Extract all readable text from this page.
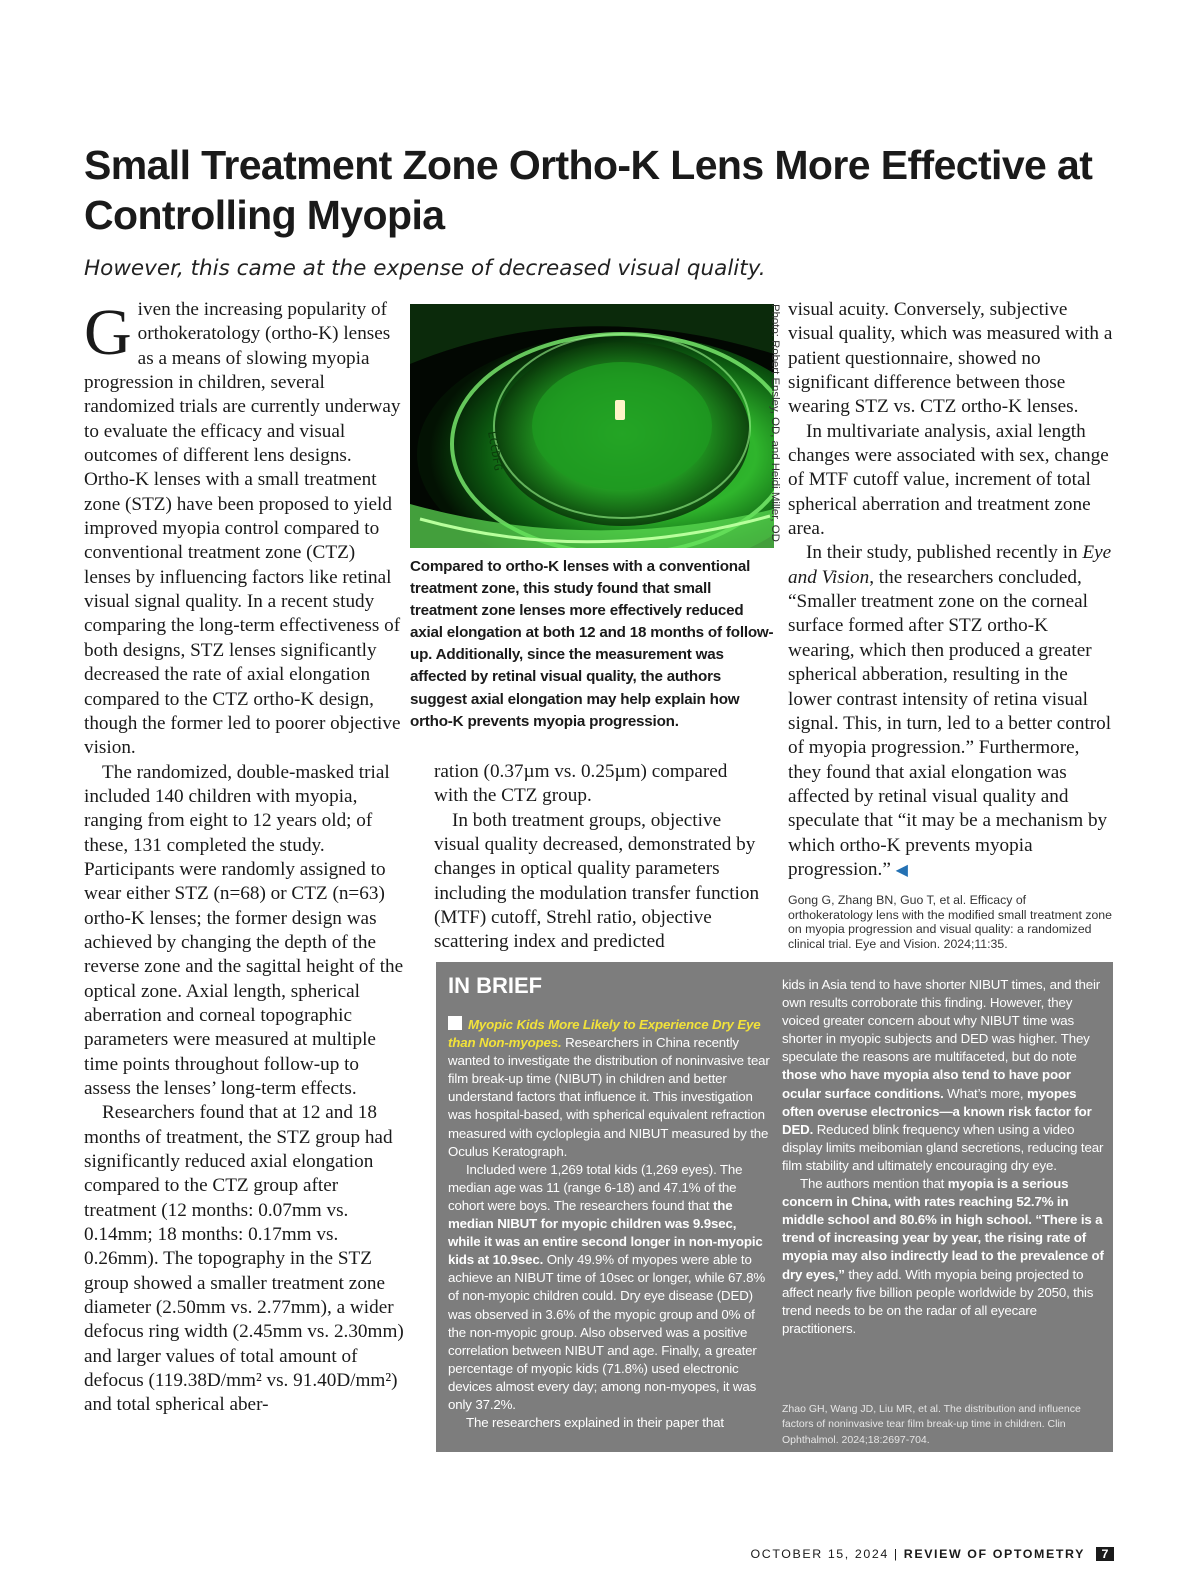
Small Treatment Zone Ortho-K Lens More Effective at Controlling Myopia

However, this came at the expense of decreased visual quality.

Given the increasing popularity of orthokeratology (ortho-K) lenses as a means of slowing myopia progression in children, several randomized trials are currently underway to evaluate the efficacy and visual outcomes of different lens designs. Ortho-K lenses with a small treatment zone (STZ) have been proposed to yield improved myopia control compared to conventional treatment zone (CTZ) lenses by influencing factors like retinal visual signal quality. In a recent study comparing the long-term effectiveness of both designs, STZ lenses significantly decreased the rate of axial elongation compared to the CTZ ortho-K design, though the former led to poorer objective vision.

The randomized, double-masked trial included 140 children with myopia, ranging from eight to 12 years old; of these, 131 completed the study. Participants were randomly assigned to wear either STZ (n=68) or CTZ (n=63) ortho-K lenses; the former design was achieved by changing the depth of the reverse zone and the sagittal height of the optical zone. Axial length, spherical aberration and corneal topographic parameters were measured at multiple time points throughout follow-up to assess the lenses’ long-term effects.

Researchers found that at 12 and 18 months of treatment, the STZ group had significantly reduced axial elongation compared to the CTZ group after treatment (12 months: 0.07mm vs. 0.14mm; 18 months: 0.17mm vs. 0.26mm). The topography in the STZ group showed a smaller treatment zone diameter (2.50mm vs. 2.77mm), a wider defocus ring width (2.45mm vs. 2.30mm) and larger values of total amount of defocus (119.38D/mm² vs. 91.40D/mm²) and total spherical aber-

ECCDFG	Photo: Robert Ensley, OD, and Heidi Miller, OD

Compared to ortho-K lenses with a conventional treatment zone, this study found that small treatment zone lenses more effectively reduced axial elongation at both 12 and 18 months of follow-up. Additionally, since the measurement was affected by retinal visual quality, the authors suggest axial elongation may help explain how ortho-K prevents myopia progression.

ration (0.37µm vs. 0.25µm) compared with the CTZ group.

In both treatment groups, objective visual quality decreased, demonstrated by changes in optical quality parameters including the modulation transfer function (MTF) cutoff, Strehl ratio, objective scattering index and predicted

visual acuity. Conversely, subjective visual quality, which was measured with a patient questionnaire, showed no significant difference between those wearing STZ vs. CTZ ortho-K lenses.

In multivariate analysis, axial length changes were associated with sex, change of MTF cutoff value, increment of total spherical aberration and treatment zone area.

In their study, published recently in Eye and Vision, the researchers concluded, “Smaller treatment zone on the corneal surface formed after STZ ortho-K wearing, which then produced a greater spherical abberation, resulting in the lower contrast intensity of retina visual signal. This, in turn, led to a better control of myopia progression.” Furthermore, they found that axial elongation was affected by retinal visual quality and speculate that “it may be a mechanism by which ortho-K prevents myopia progression.” ◀

Gong G, Zhang BN, Guo T, et al. Efficacy of orthokeratology lens with the modified small treatment zone on myopia progression and visual quality: a randomized clinical trial. Eye and Vision. 2024;11:35.
IN BRIEF

Myopic Kids More Likely to Experience Dry Eye than Non-myopes. Researchers in China recently wanted to investigate the distribution of noninvasive tear film break-up time (NIBUT) in children and better understand factors that influence it. This investigation was hospital-based, with spherical equivalent refraction measured with cycloplegia and NIBUT measured by the Oculus Keratograph.

Included were 1,269 total kids (1,269 eyes). The median age was 11 (range 6-18) and 47.1% of the cohort were boys. The researchers found that the median NIBUT for myopic children was 9.9sec, while it was an entire second longer in non-myopic kids at 10.9sec. Only 49.9% of myopes were able to achieve an NIBUT time of 10sec or longer, while 67.8% of non-myopic children could. Dry eye disease (DED) was observed in 3.6% of the myopic group and 0% of the non-myopic group. Also observed was a positive correlation between NIBUT and age. Finally, a greater percentage of myopic kids (71.8%) used electronic devices almost every day; among non-myopes, it was only 37.2%.

The researchers explained in their paper that

kids in Asia tend to have shorter NIBUT times, and their own results corroborate this finding. However, they voiced greater concern about why NIBUT time was shorter in myopic subjects and DED was higher. They speculate the reasons are multifaceted, but do note those who have myopia also tend to have poor ocular surface conditions. What’s more, myopes often overuse electronics—a known risk factor for DED. Reduced blink frequency when using a video display limits meibomian gland secretions, reducing tear film stability and ultimately encouraging dry eye.

The authors mention that myopia is a serious concern in China, with rates reaching 52.7% in middle school and 80.6% in high school. “There is a trend of increasing year by year, the rising rate of myopia may also indirectly lead to the prevalence of dry eyes,” they add. With myopia being projected to affect nearly five billion people worldwide by 2050, this trend needs to be on the radar of all eyecare practitioners.

Zhao GH, Wang JD, Liu MR, et al. The distribution and influence factors of noninvasive tear film break-up time in children. Clin Ophthalmol. 2024;18:2697-704.
OCTOBER 15, 2024 | REVIEW OF OPTOMETRY 7
